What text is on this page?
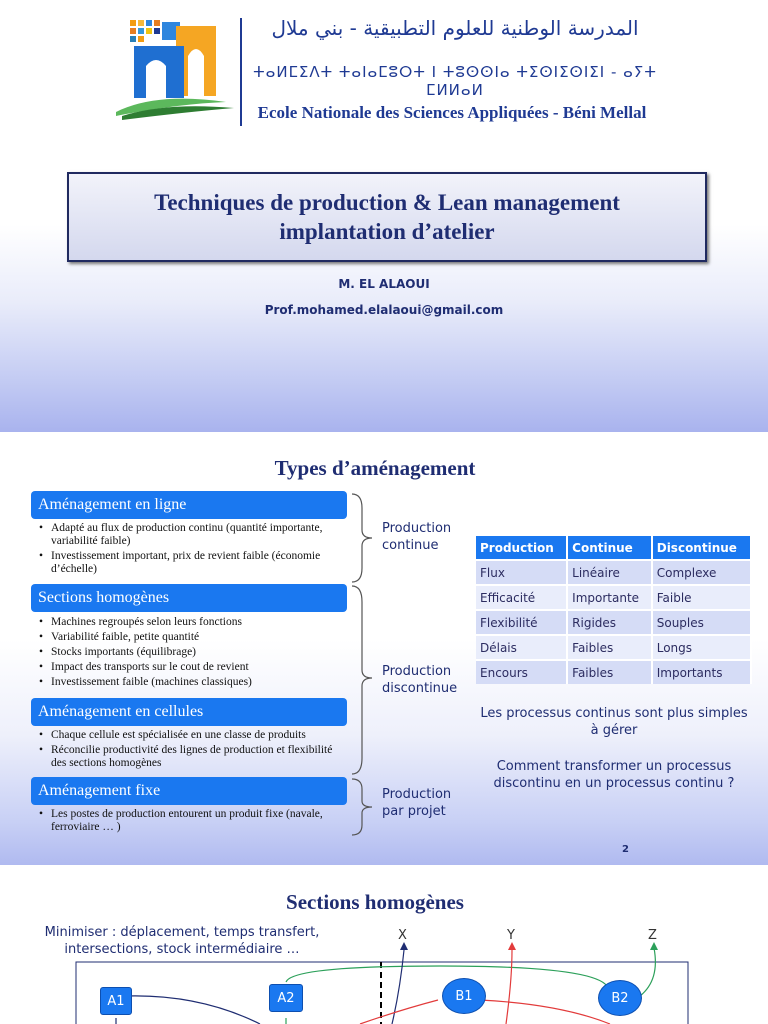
المدرسة الوطنية للعلوم التطبيقية - بني ملال
ⵜⴰⵍⵎⵉⴷⵜ ⵜⴰⵏⴰⵎⵓⵔⵜ ⵏ ⵜⵓⵙⵙⵏⴰ ⵜⵉⵙⵏⵉⵙⵏⵉⵏ - ⴰⵢⵜ ⵎⵍⵍⴰⵍ
Ecole Nationale des Sciences Appliquées - Béni Mellal
Techniques de production & Lean management
implantation d’atelier
M. EL ALAOUI
Prof.mohamed.elalaoui@gmail.com
Types d’aménagement
Aménagement en ligne
• Adapté au flux de production continu (quantité importante, variabilité faible)
• Investissement important, prix de revient faible (économie d’échelle)
Sections homogènes
• Machines regroupés selon leurs fonctions
• Variabilité faible, petite quantité
• Stocks importants (équilibrage)
• Impact des transports sur le cout de revient
• Investissement faible (machines classiques)
Aménagement en cellules
• Chaque cellule est spécialisée en une classe de produits
• Réconcilie productivité des lignes de production et flexibilité des sections homogènes
Aménagement fixe
• Les postes de production entourent un produit fixe (navale, ferroviaire … )
Production
continue
Production
discontinue
Production
par projet
Production	Continue	Discontinue
Flux	Linéaire	Complexe
Efficacité	Importante	Faible
Flexibilité	Rigides	Souples
Délais	Faibles	Longs
Encours	Faibles	Importants
Les processus continus sont plus simples à gérer
Comment transformer un processus discontinu en un processus continu ?
2
Sections homogènes
Minimiser : déplacement, temps transfert, intersections, stock intermédiaire …
X	Y	Z
A1	A2	B1	B2
